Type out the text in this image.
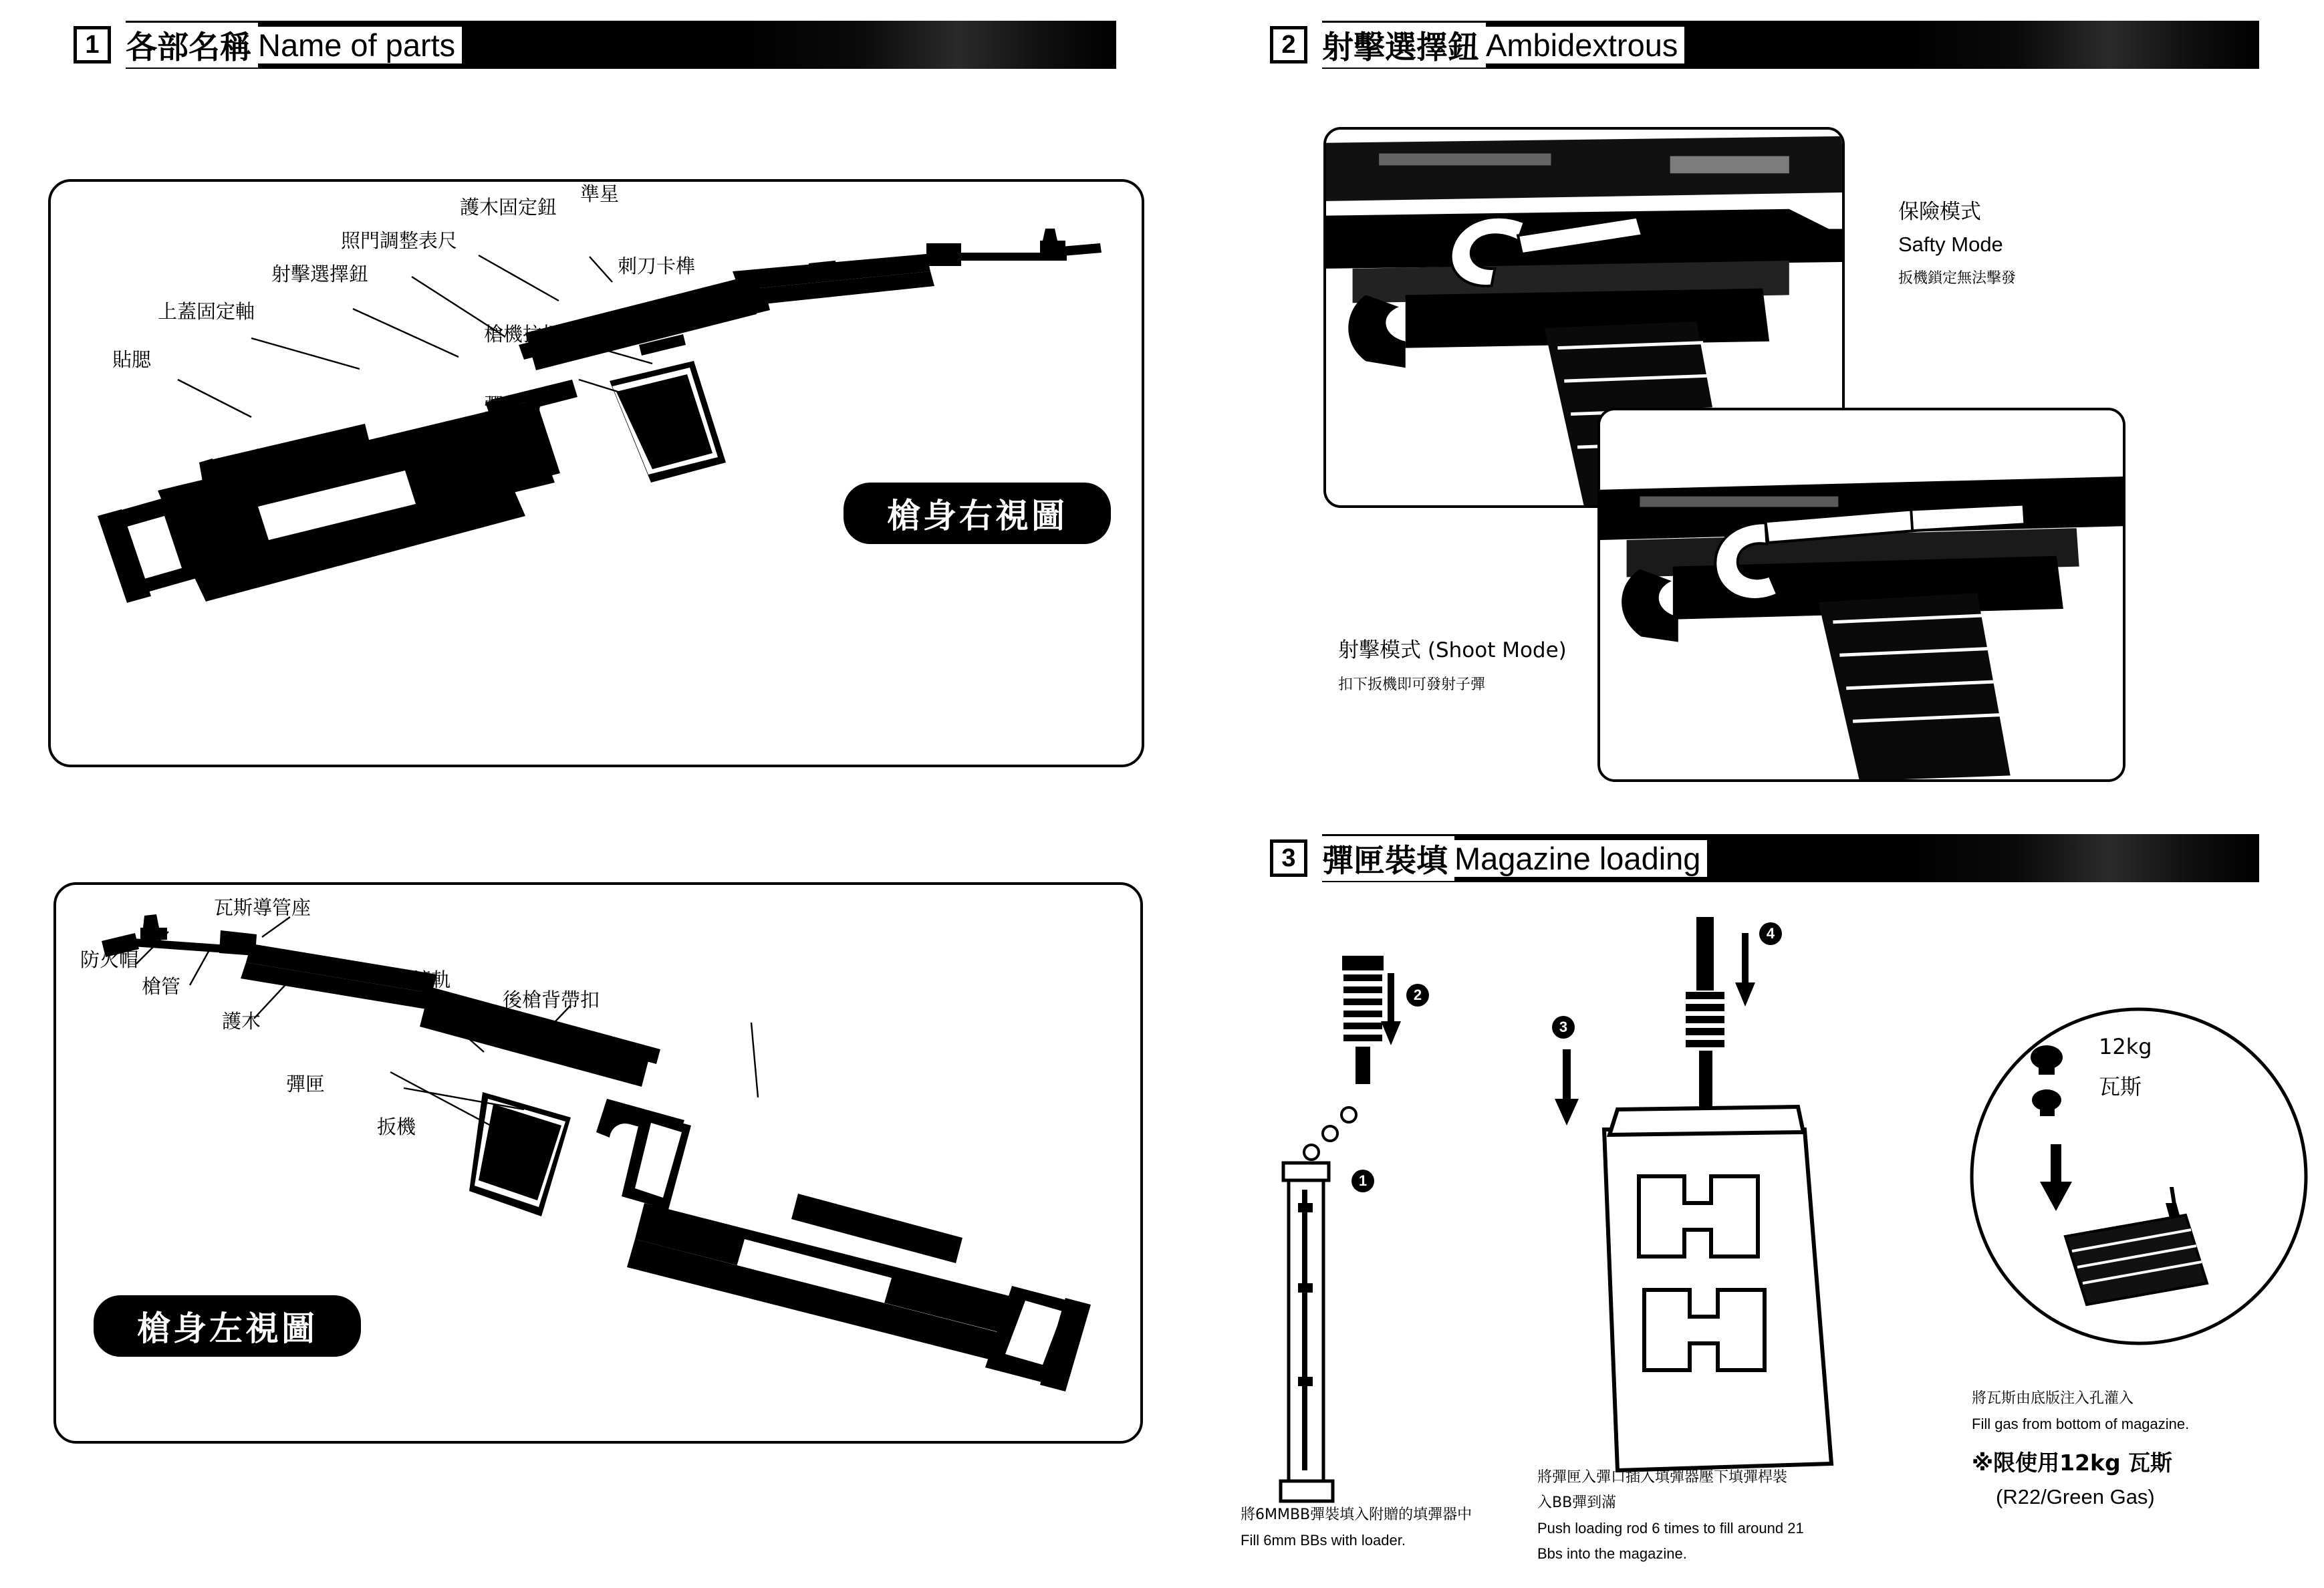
1 各部名稱 Name of parts
準星
護木固定鈕
照門調整表尺
射擊選擇鈕	刺刀卡榫
上蓋固定軸
槍機拉柄
貼腮
彈匣槽
彈匣釋放鈕
握把
槍托	槍身右視圖
瓦斯導管座
防火帽
槍管
護木
鏡軌
彈匣
扳機
後槍背帶扣
槍身左視圖
2 射擊選擇鈕 Ambidextrous
保險模式
Safty Mode
扳機鎖定無法擊發
射擊模式 (Shoot Mode)
扣下扳機即可發射子彈
3 彈匣裝填 Magazine loading
2
1
將6MMBB彈裝填入附贈的填彈器中
Fill 6mm BBs with loader.
4
3
將彈匣入彈口插入填彈器壓下填彈桿裝
入BB彈到滿
Push loading rod 6 times to fill around 21
Bbs into the magazine.
12kg
瓦斯
將瓦斯由底版注入孔灌入
Fill gas from bottom of magazine.
※限使用12kg 瓦斯
(R22/Green Gas)
